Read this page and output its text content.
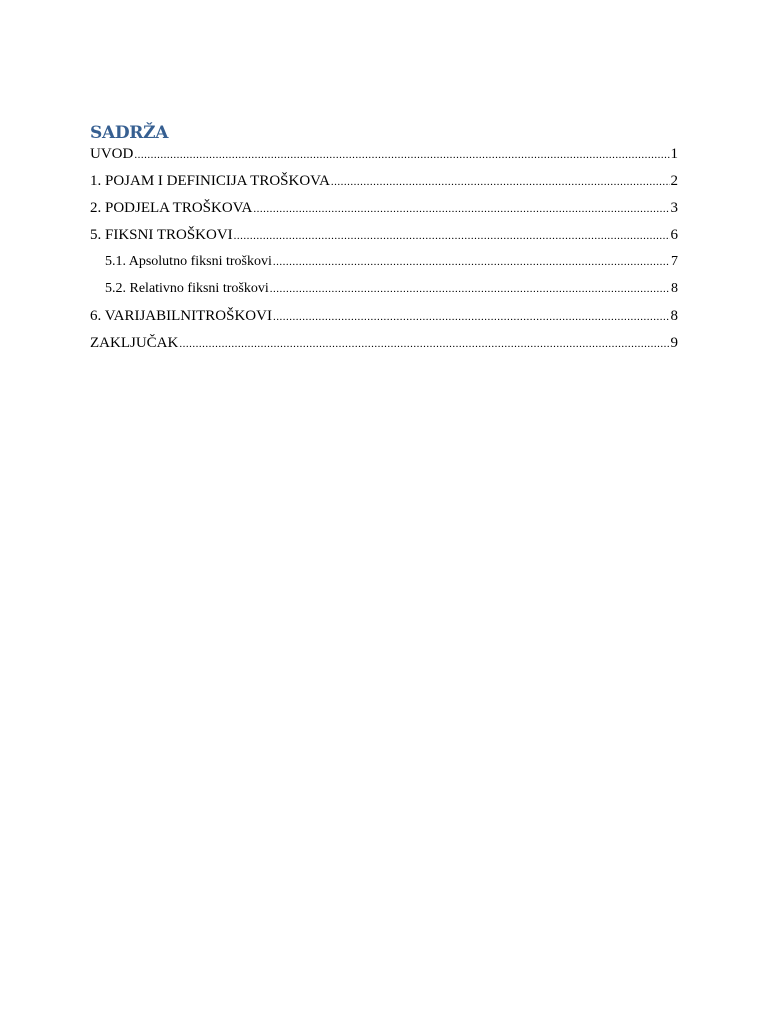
SADRŽA
UVOD .....	1
1. POJAM I DEFINICIJA TROŠKOVA .....	2
2. PODJELA TROŠKOVA .....	3
5. FIKSNI TROŠKOVI .....	6
5.1. Apsolutno fiksni troškovi .....	7
5.2. Relativno fiksni troškovi .....	8
6. VARIJABILNITROŠKOVI .....	8
ZAKLJUČAK .....	9
